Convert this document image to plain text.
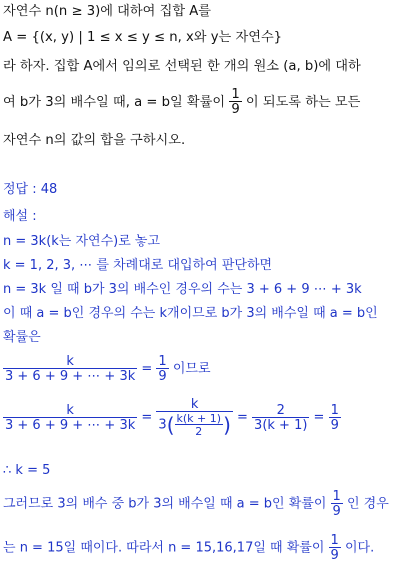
자연수 n(n ≥ 3)에 대하여 집합 A를
A = {(x, y) | 1 ≤ x ≤ y ≤ n, x와 y는 자연수}
라 하자. 집합 A에서 임의로 선택된 한 개의 원소 (a, b)에 대하
여 b가 3의 배수일 때, a = b일 확률이 $\frac{1}{9}$ 이 되도록 하는 모든
자연수 n의 값의 합을 구하시오.
정답 : 48
해설 :
n = 3k(k는 자연수)로 놓고
k = 1, 2, 3, ⋯ 를 차례대로 대입하여 판단하면
n = 3k 일 때 b가 3의 배수인 경우의 수는 3 + 6 + 9 ⋯ + 3k
이 때 a = b인 경우의 수는 k개이므로 b가 3의 배수일 때 a = b인
확률은
$\frac{k}{3 + 6 + 9 + \cdots + 3k} = \frac{1}{9}$ 이므로
$\frac{k}{3 + 6 + 9 + \cdots + 3k} = \frac{k}{3( \frac{k(k + 1)}{2} )} = \frac{2}{3(k + 1)} = \frac{1}{9}$
∴ k = 5
그러므로 3의 배수 중 b가 3의 배수일 때 a = b인 확률이 $\frac{1}{9}$ 인 경우
는 n = 15일 때이다. 따라서 n = 15,16,17일 때 확률이 $\frac{1}{9}$ 이다.
